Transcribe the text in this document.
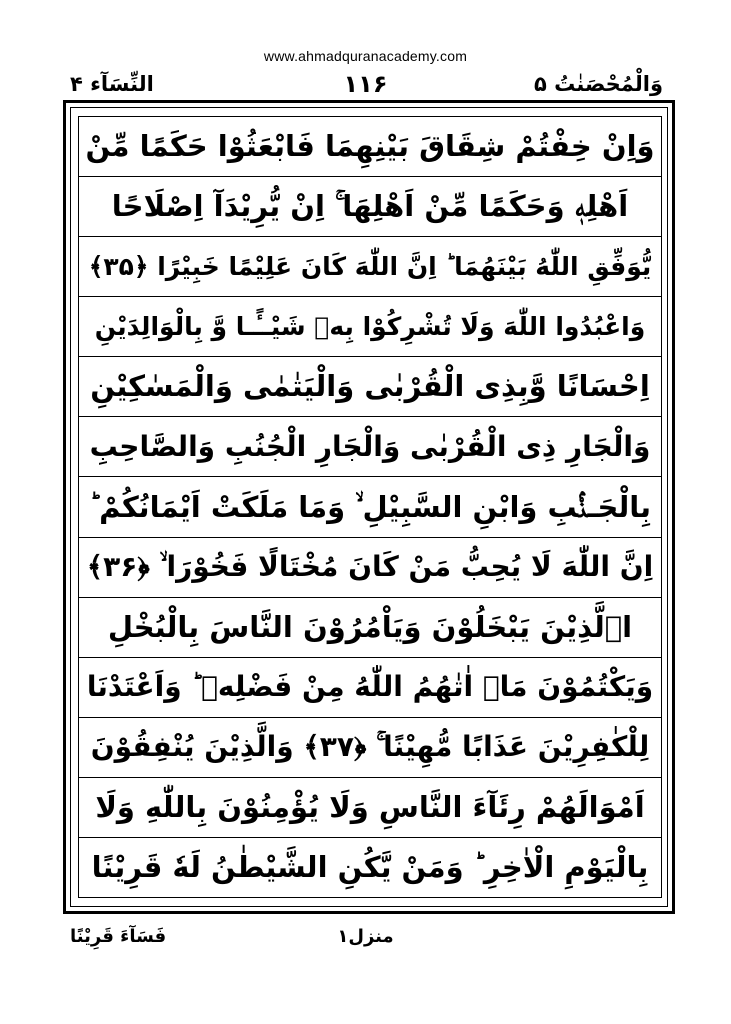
www.ahmadquranacademy.com
وَالْمُحْصَنٰتُ ۵
۱۱۶
النِّسَآء ۴
وَاِنْ خِفْتُمْ شِقَاقَ بَيْنِهِمَا فَابْعَثُوْا حَكَمًا مِّنْ
اَهْلِهٖ وَحَكَمًا مِّنْ اَهْلِهَا ۚ اِنْ يُّرِيْدَآ اِصْلَاحًا
يُّوَفِّقِ اللّٰهُ بَيْنَهُمَا ؕ اِنَّ اللّٰهَ كَانَ عَلِيْمًا خَبِيْرًا ﴿۳۵﴾
وَاعْبُدُوا اللّٰهَ وَلَا تُشْرِكُوْا بِهٖ شَيْــًٔـا وَّ بِالْوَالِدَيْنِ
اِحْسَانًا وَّبِذِى الْقُرْبٰى وَالْيَتٰمٰى وَالْمَسٰكِيْنِ
وَالْجَارِ ذِى الْقُرْبٰى وَالْجَارِ الْجُنُبِ وَالصَّاحِبِ
بِالْجَـنْۢبِ وَابْنِ السَّبِيْلِ ۙ وَمَا مَلَكَتْ اَيْمَانُكُمْ ؕ
اِنَّ اللّٰهَ لَا يُحِبُّ مَنْ كَانَ مُخْتَالًا فَخُوْرَا ۙ ﴿۳۶﴾
اۨلَّذِيْنَ يَبْخَلُوْنَ وَيَاْمُرُوْنَ النَّاسَ بِالْبُخْلِ
وَيَكْتُمُوْنَ مَاۤ اٰتٰهُمُ اللّٰهُ مِنْ فَضْلِهٖ ؕ وَاَعْتَدْنَا
لِلْكٰفِرِيْنَ عَذَابًا مُّهِيْنًا ۚ ﴿۳۷﴾ وَالَّذِيْنَ يُنْفِقُوْنَ
اَمْوَالَهُمْ رِئَآءَ النَّاسِ وَلَا يُؤْمِنُوْنَ بِاللّٰهِ وَلَا
بِالْيَوْمِ الْاٰخِرِ ؕ وَمَنْ يَّكُنِ الشَّيْطٰنُ لَهٗ قَرِيْنًا
منزل۱
فَسَآءَ قَرِيْنًا
